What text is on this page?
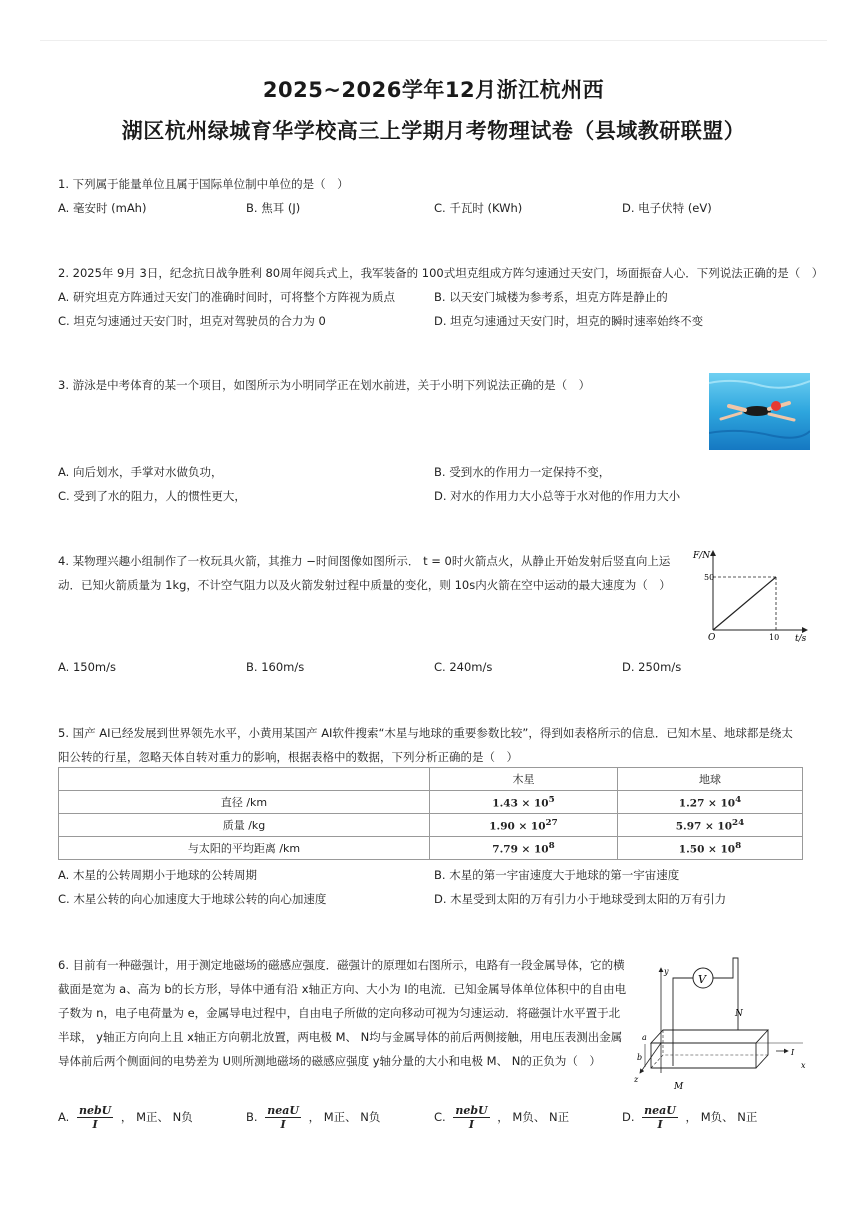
2025~2026学年12月浙江杭州西
湖区杭州绿城育华学校高三上学期月考物理试卷（县域教研联盟）
1. 下列属于能量单位且属于国际单位制中单位的是（　）
A. 毫安时 (mAh)	B. 焦耳 (J)	C. 千瓦时 (KWh)	D. 电子伏特 (eV)
2. 2025年 9月 3日，纪念抗日战争胜利 80周年阅兵式上，我军装备的 100式坦克组成方阵匀速通过天安门，场面振奋人心．下列说法正确的是（　）
A. 研究坦克方阵通过天安门的准确时间时，可将整个方阵视为质点	B. 以天安门城楼为参考系，坦克方阵是静止的
C. 坦克匀速通过天安门时，坦克对驾驶员的合力为 0	D. 坦克匀速通过天安门时，坦克的瞬时速率始终不变
3. 游泳是中考体育的某一个项目，如图所示为小明同学正在划水前进，关于小明下列说法正确的是（　）
A. 向后划水，手掌对水做负功，	B. 受到水的作用力一定保持不变，
C. 受到了水的阻力，人的惯性更大，	D. 对水的作用力大小总等于水对他的作用力大小
4. 某物理兴趣小组制作了一枚玩具火箭，其推力 −时间图像如图所示． t = 0时火箭点火，从静止开始发射后竖直向上运
动．已知火箭质量为 1kg，不计空气阻力以及火箭发射过程中质量的变化，则 10s内火箭在空中运动的最大速度为（　）
F/N
t/s
O
50
10
A. 150m/s	B. 160m/s	C. 240m/s	D. 250m/s
5. 国产 AI已经发展到世界领先水平，小黄用某国产 AI软件搜索“木星与地球的重要参数比较”，得到如表格所示的信息．已知木星、地球都是绕太
阳公转的行星，忽略天体自转对重力的影响，根据表格中的数据，下列分析正确的是（　）
	木星	地球
直径 /km	$1.43 \times 10^5$	$1.27 \times 10^4$
质量 /kg	$1.90 \times 10^{27}$	$5.97 \times 10^{24}$
与太阳的平均距离 /km	$7.79 \times 10^8$	$1.50 \times 10^8$
A. 木星的公转周期小于地球的公转周期	B. 木星的第一宇宙速度大于地球的第一宇宙速度
C. 木星公转的向心加速度大于地球公转的向心加速度	D. 木星受到太阳的万有引力小于地球受到太阳的万有引力
6. 目前有一种磁强计，用于测定地磁场的磁感应强度．磁强计的原理如右图所示，电路有一段金属导体，它的横
截面是宽为 a、高为 b的长方形，导体中通有沿 x轴正方向、大小为 I的电流．已知金属导体单位体积中的自由电
子数为 n，电子电荷量为 e，金属导电过程中，自由电子所做的定向移动可视为匀速运动．将磁强计水平置于北
半球， y轴正方向向上且 x轴正方向朝北放置，两电极 M、 N均与金属导体的前后两侧接触，用电压表测出金属
导体前后两个侧面间的电势差为 U则所测地磁场的磁感应强度 y轴分量的大小和电极 M、 N的正负为（　）
V
y
x
z
b
a
M
N
I
A. $\frac{\text{nebU}}{I}$ ， M正、 N负	B. $\frac{\text{neaU}}{I}$ ， M正、 N负	C. $\frac{\text{nebU}}{I}$ ， M负、 N正	D. $\frac{\text{neaU}}{I}$ ， M负、 N正
